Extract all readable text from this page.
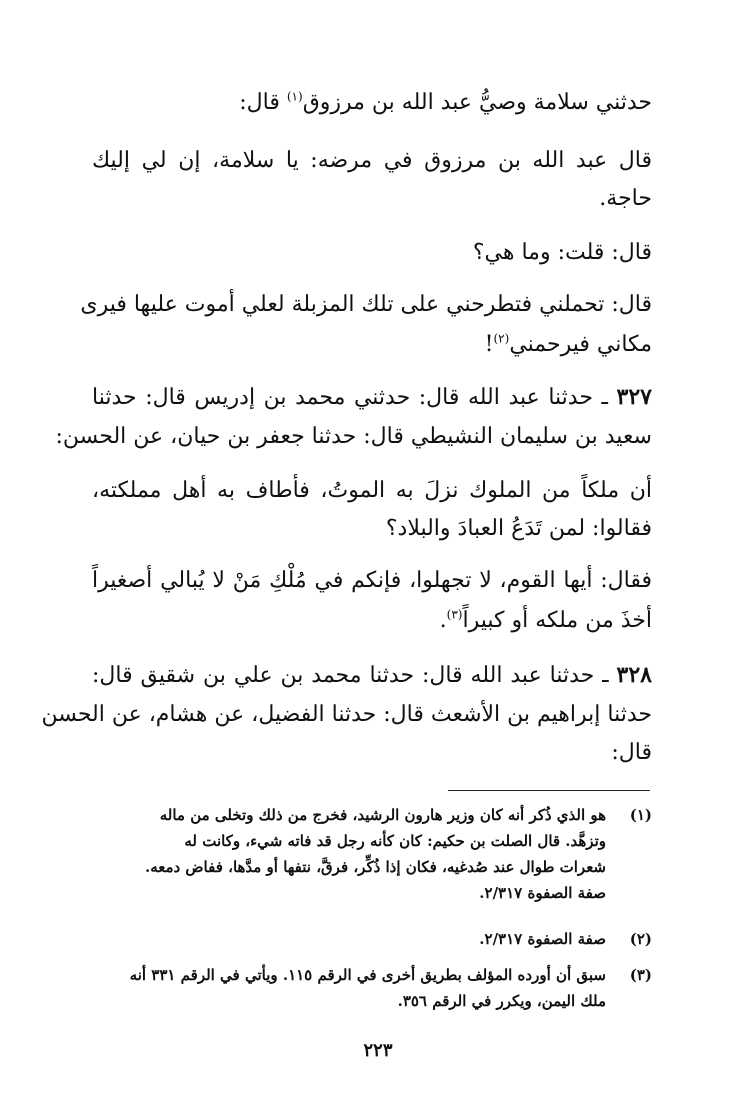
حدثني سلامة وصيُّ عبد الله بن مرزوق$^{(١)}$ قال:
قال عبد الله بن مرزوق في مرضه: يا سلامة، إن لي إليك
حاجة.
قال: قلت: وما هي؟
قال: تحملني فتطرحني على تلك المزبلة لعلي أموت عليها فيرى
مكاني فيرحمني$^{(٢)}$!
٣٢٧ ـ حدثنا عبد الله قال: حدثني محمد بن إدريس قال: حدثنا
سعيد بن سليمان النشيطي قال: حدثنا جعفر بن حيان، عن الحسن:
أن ملكاً من الملوك نزلَ به الموتُ، فأطاف به أهل مملكته،
فقالوا: لمن تَدَعُ العبادَ والبلاد؟
فقال: أيها القوم، لا تجهلوا، فإنكم في مُلْكِ مَنْ لا يُبالي أصغيراً
أخذَ من ملكه أو كبيراً$^{(٣)}$.
٣٢٨ ـ حدثنا عبد الله قال: حدثنا محمد بن علي بن شقيق قال:
حدثنا إبراهيم بن الأشعث قال: حدثنا الفضيل، عن هشام، عن الحسن
قال:
(١)
هو الذي ذُكر أنه كان وزير هارون الرشيد، فخرج من ذلك وتخلى من ماله
وتزهَّد. قال الصلت بن حكيم: كان كأنه رجل قد فاته شيء، وكانت له
شعرات طوال عند صُدغيه، فكان إذا ذُكِّر، فرقَّ، نتفها أو مدَّها، ففاض دمعه.
صفة الصفوة ٢/٣١٧.
(٢)
صفة الصفوة ٢/٣١٧.
(٣)
سبق أن أورده المؤلف بطريق أخرى في الرقم ١١٥. ويأتي في الرقم ٣٣١ أنه
ملك اليمن، ويكرر في الرقم ٣٥٦.
٢٢٣
